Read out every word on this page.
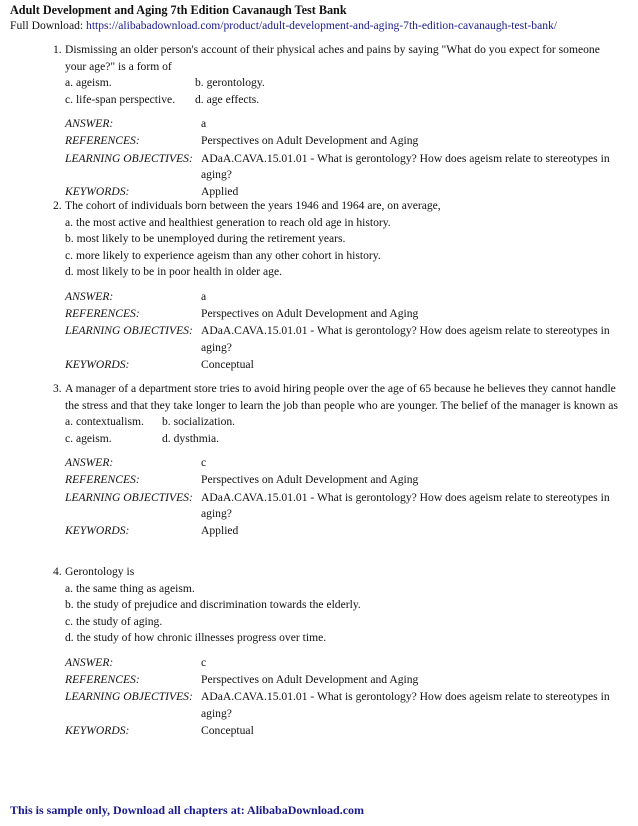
Adult Development and Aging 7th Edition Cavanaugh Test Bank
Full Download: https://alibabadownload.com/product/adult-development-and-aging-7th-edition-cavanaugh-test-bank/
1. Dismissing an older person's account of their physical aches and pains by saying "What do you expect for someone your age?" is a form of
a. ageism.	b. gerontology.
c. life-span perspective.	d. age effects.
ANSWER:	a
REFERENCES:	Perspectives on Adult Development and Aging
LEARNING OBJECTIVES: ADaA.CAVA.15.01.01 - What is gerontology? How does ageism relate to stereotypes in aging?
KEYWORDS:	Applied
2. The cohort of individuals born between the years 1946 and 1964 are, on average,
a. the most active and healthiest generation to reach old age in history.
b. most likely to be unemployed during the retirement years.
c. more likely to experience ageism than any other cohort in history.
d. most likely to be in poor health in older age.
ANSWER:	a
REFERENCES:	Perspectives on Adult Development and Aging
LEARNING OBJECTIVES: ADaA.CAVA.15.01.01 - What is gerontology? How does ageism relate to stereotypes in aging?
KEYWORDS:	Conceptual
3. A manager of a department store tries to avoid hiring people over the age of 65 because he believes they cannot handle the stress and that they take longer to learn the job than people who are younger. The belief of the manager is known as
a. contextualism.	b. socialization.
c. ageism.	d. dysthmia.
ANSWER:	c
REFERENCES:	Perspectives on Adult Development and Aging
LEARNING OBJECTIVES: ADaA.CAVA.15.01.01 - What is gerontology? How does ageism relate to stereotypes in aging?
KEYWORDS:	Applied
4. Gerontology is
a. the same thing as ageism.
b. the study of prejudice and discrimination towards the elderly.
c. the study of aging.
d. the study of how chronic illnesses progress over time.
ANSWER:	c
REFERENCES:	Perspectives on Adult Development and Aging
LEARNING OBJECTIVES: ADaA.CAVA.15.01.01 - What is gerontology? How does ageism relate to stereotypes in aging?
KEYWORDS:	Conceptual
This is sample only, Download all chapters at: AlibabaDownload.com
